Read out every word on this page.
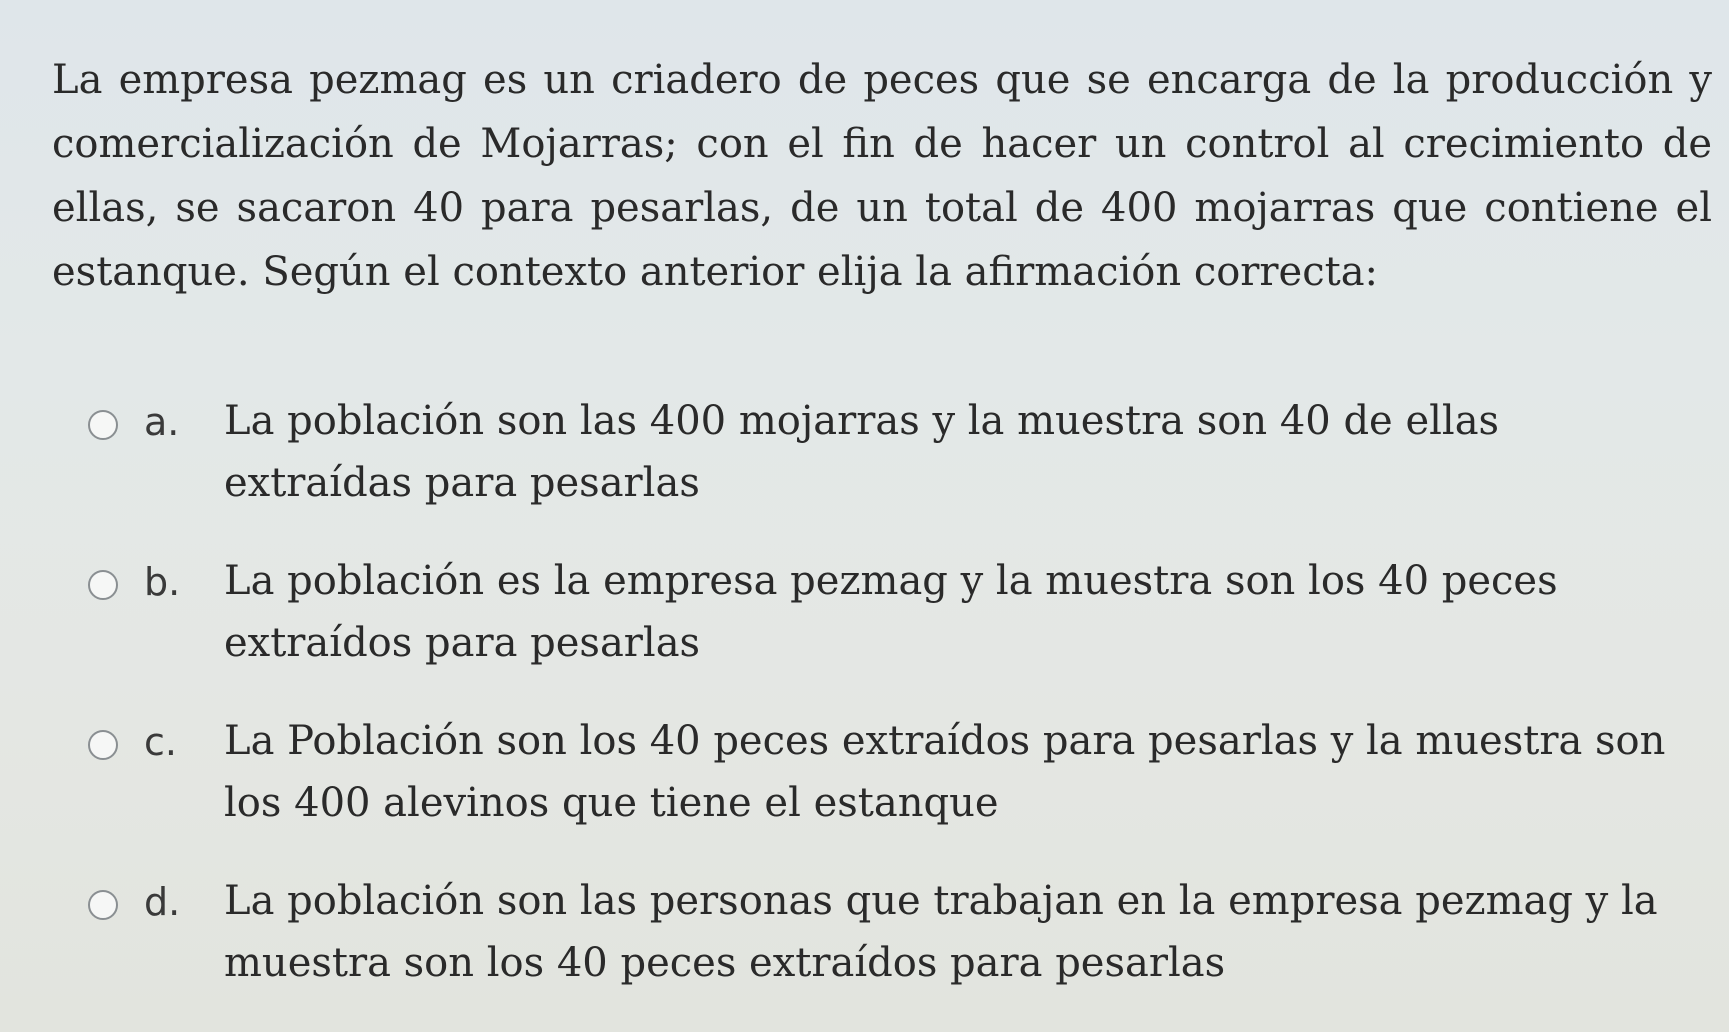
La empresa pezmag es un criadero de peces que se encarga de la producción y comercialización de Mojarras; con el fin de hacer un control al crecimiento de ellas, se sacaron 40 para pesarlas, de un total de 400 mojarras que contiene el estanque. Según el contexto anterior elija la afirmación correcta:
a. La población son las 400 mojarras y la muestra son 40 de ellas extraídas para pesarlas
b. La población es la empresa pezmag y la muestra son los 40 peces extraídos para pesarlas
c. La Población son los 40 peces extraídos para pesarlas y la muestra son los 400 alevinos que tiene el estanque
d. La población son las personas que trabajan en la empresa pezmag y la muestra son los 40 peces extraídos para pesarlas
